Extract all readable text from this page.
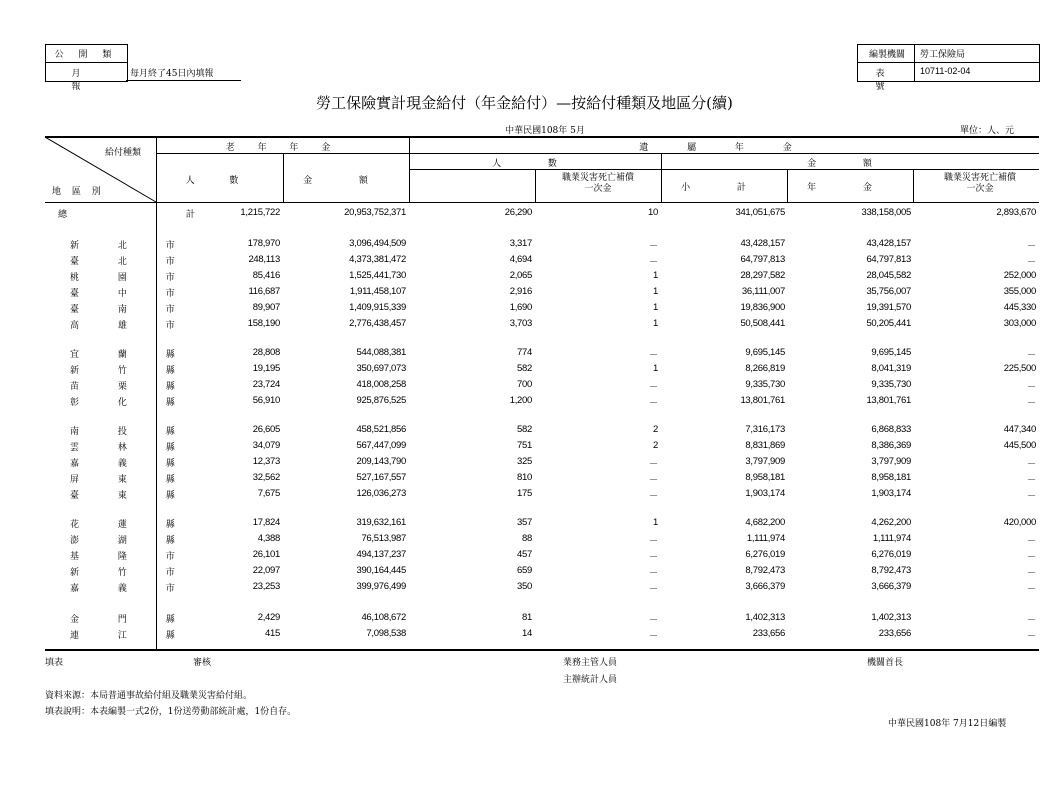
公 開 類
月 報
每月終了45日內填報
編製機關	勞工保險局
表 號
10711-02-04
勞工保險實計現金給付（年金給付）—按給付種類及地區分(續)
中華民國108年 5月	單位：人、元
給付種類
地 區 別
老 年 年 金
人 數	金 額
遺 屬 年 金
人 數
職業災害死亡補償一次金
金 額
小 計	年 金
職業災害死亡補償一次金
總 計
1,215,722	20,953,752,371	26,290	10	341,051,675	338,158,005	2,893,670
新 北 市	178,970	3,096,494,509	3,317	－	43,428,157	43,428,157	－
臺 北 市	248,113	4,373,381,472	4,694	－	64,797,813	64,797,813	－
桃 園 市	85,416	1,525,441,730	2,065	1	28,297,582	28,045,582	252,000
臺 中 市	116,687	1,911,458,107	2,916	1	36,111,007	35,756,007	355,000
臺 南 市	89,907	1,409,915,339	1,690	1	19,836,900	19,391,570	445,330
高 雄 市	158,190	2,776,438,457	3,703	1	50,508,441	50,205,441	303,000
宜 蘭 縣	28,808	544,088,381	774	－	9,695,145	9,695,145	－
新 竹 縣	19,195	350,697,073	582	1	8,266,819	8,041,319	225,500
苗 栗 縣	23,724	418,008,258	700	－	9,335,730	9,335,730	－
彰 化 縣	56,910	925,876,525	1,200	－	13,801,761	13,801,761	－
南 投 縣	26,605	458,521,856	582	2	7,316,173	6,868,833	447,340
雲 林 縣	34,079	567,447,099	751	2	8,831,869	8,386,369	445,500
嘉 義 縣	12,373	209,143,790	325	－	3,797,909	3,797,909	－
屏 東 縣	32,562	527,167,557	810	－	8,958,181	8,958,181	－
臺 東 縣	7,675	126,036,273	175	－	1,903,174	1,903,174	－
花 蓮 縣	17,824	319,632,161	357	1	4,682,200	4,262,200	420,000
澎 湖 縣	4,388	76,513,987	88	－	1,111,974	1,111,974	－
基 隆 市	26,101	494,137,237	457	－	6,276,019	6,276,019	－
新 竹 市	22,097	390,164,445	659	－	8,792,473	8,792,473	－
嘉 義 市	23,253	399,976,499	350	－	3,666,379	3,666,379	－
金 門 縣	2,429	46,108,672	81	－	1,402,313	1,402,313	－
連 江 縣	415	7,098,538	14	－	233,656	233,656	－
填表	審核	業務主管人員
主辦統計人員
機關首長
資料來源：本局普通事故給付組及職業災害給付組。
填表說明：本表編製一式2份，1份送勞動部統計處，1份自存。
中華民國108年 7月12日編製
